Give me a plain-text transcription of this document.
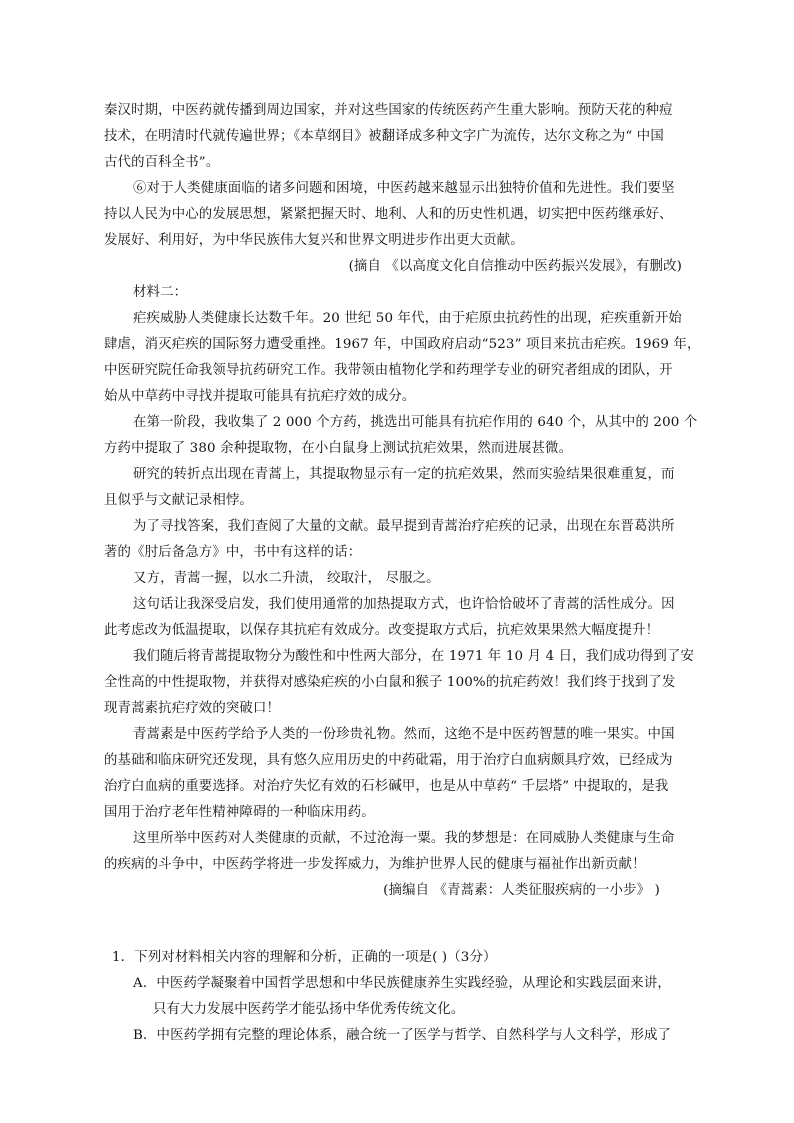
秦汉时期，中医药就传播到周边国家，并对这些国家的传统医药产生重大影响。预防天花的种痘
技术，在明清时代就传遍世界；《本草纲目》被翻译成多种文字广为流传，达尔文称之为“ 中国
古代的百科全书”。
⑥对于人类健康面临的诸多问题和困境，中医药越来越显示出独特价值和先进性。我们要坚
持以人民为中心的发展思想，紧紧把握天时、地利、人和的历史性机遇，切实把中医药继承好、
发展好、利用好，为中华民族伟大复兴和世界文明进步作出更大贡献。
(摘自 《以高度文化自信推动中医药振兴发展》，有删改)
材料二：
疟疾威胁人类健康长达数千年。20 世纪 50 年代，由于疟原虫抗药性的出现，疟疾重新开始
肆虐，消灭疟疾的国际努力遭受重挫。1967 年，中国政府启动“523” 项目来抗击疟疾。1969 年，
中医研究院任命我领导抗药研究工作。我带领由植物化学和药理学专业的研究者组成的团队，开
始从中草药中寻找并提取可能具有抗疟疗效的成分。
在第一阶段，我收集了 2 000 个方药，挑选出可能具有抗疟作用的 640 个，从其中的 200 个
方药中提取了 380 余种提取物，在小白鼠身上测试抗疟效果，然而进展甚微。
研究的转折点出现在青蒿上，其提取物显示有一定的抗疟效果，然而实验结果很难重复，而
且似乎与文献记录相悖。
为了寻找答案，我们查阅了大量的文献。最早提到青蒿治疗疟疾的记录，出现在东晋葛洪所
著的《肘后备急方》中，书中有这样的话：
又方，青蒿一握，以水二升渍， 绞取汁， 尽服之。
这句话让我深受启发，我们使用通常的加热提取方式，也许恰恰破坏了青蒿的活性成分。因
此考虑改为低温提取，以保存其抗疟有效成分。改变提取方式后，抗疟效果果然大幅度提升！
我们随后将青蒿提取物分为酸性和中性两大部分，在 1971 年 10 月 4 日，我们成功得到了安
全性高的中性提取物，并获得对感染疟疾的小白鼠和猴子 100%的抗疟药效！我们终于找到了发
现青蒿素抗疟疗效的突破口！
青蒿素是中医药学给予人类的一份珍贵礼物。然而，这绝不是中医药智慧的唯一果实。中国
的基础和临床研究还发现，具有悠久应用历史的中药砒霜，用于治疗白血病颇具疗效，已经成为
治疗白血病的重要选择。对治疗失忆有效的石杉碱甲，也是从中草药“ 千层塔” 中提取的，是我
国用于治疗老年性精神障碍的一种临床用药。
这里所举中医药对人类健康的贡献，不过沧海一粟。我的梦想是：在同威胁人类健康与生命
的疾病的斗争中，中医药学将进一步发挥威力，为维护世界人民的健康与福祉作出新贡献！
(摘编自 《青蒿素：人类征服疾病的一小步》 )
1．下列对材料相关内容的理解和分析，正确的一项是( )（3分）
A．中医药学凝聚着中国哲学思想和中华民族健康养生实践经验，从理论和实践层面来讲，
只有大力发展中医药学才能弘扬中华优秀传统文化。
B．中医药学拥有完整的理论体系，融合统一了医学与哲学、自然科学与人文科学，形成了
